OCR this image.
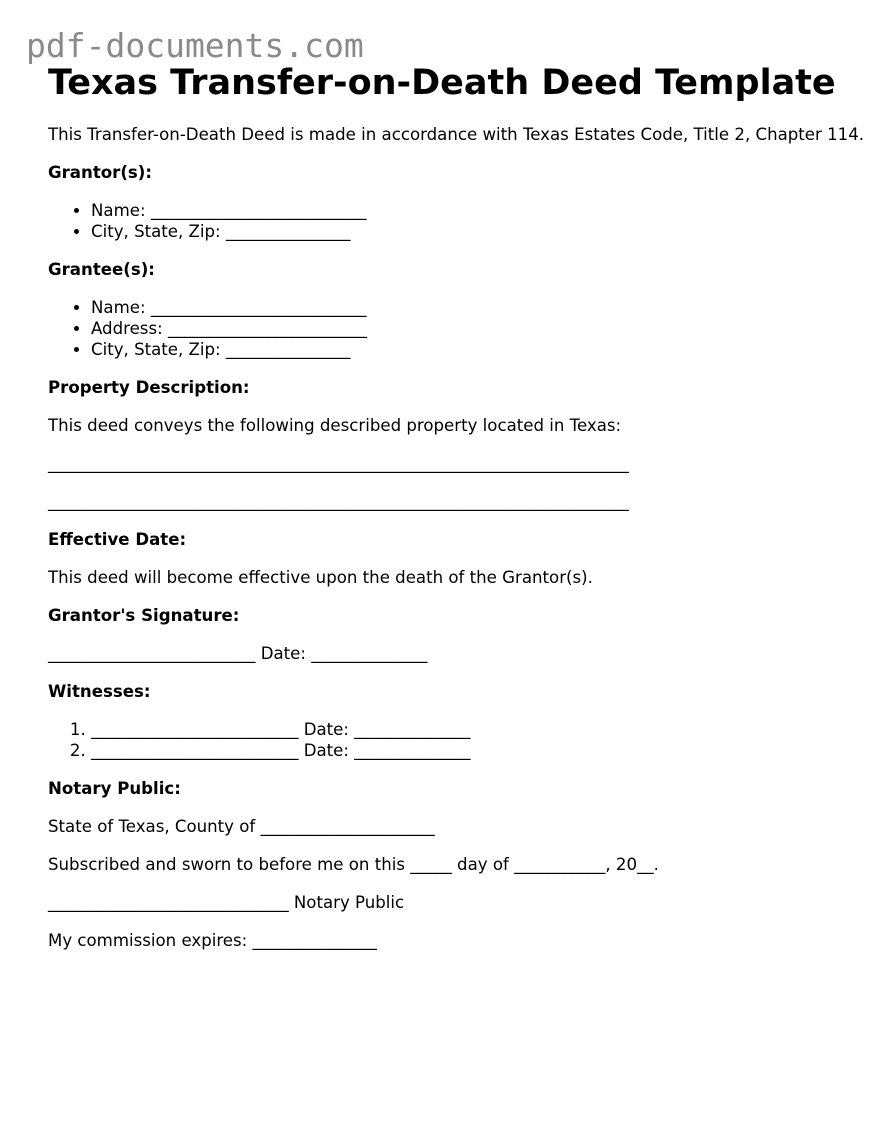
pdf-documents.com
Texas Transfer-on-Death Deed Template

This Transfer-on-Death Deed is made in accordance with Texas Estates Code, Title 2, Chapter 114.

Grantor(s):

• Name: __________________________
• City, State, Zip: _______________

Grantee(s):

• Name: __________________________
• Address: ________________________
• City, State, Zip: _______________

Property Description:

This deed conveys the following described property located in Texas:

______________________________________________________________________

______________________________________________________________________

Effective Date:

This deed will become effective upon the death of the Grantor(s).

Grantor's Signature:

_________________________ Date: ______________

Witnesses:

1. _________________________ Date: ______________
2. _________________________ Date: ______________

Notary Public:

State of Texas, County of _____________________

Subscribed and sworn to before me on this _____ day of ___________, 20__.

_____________________________ Notary Public

My commission expires: _______________
